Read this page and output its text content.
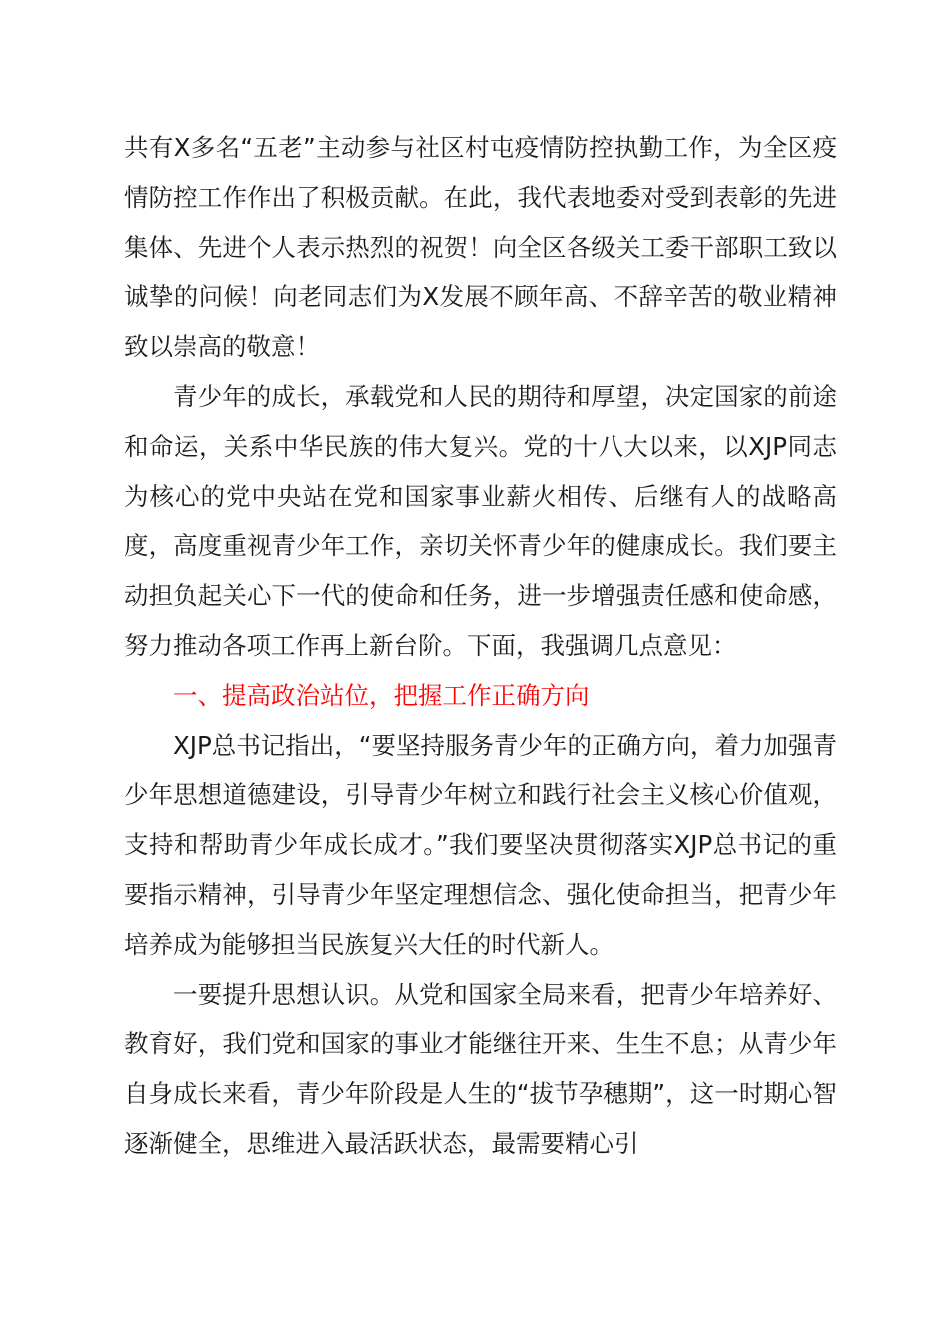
共有X多名“五老”主动参与社区村屯疫情防控执勤工作，为全区疫情防控工作作出了积极贡献。在此，我代表地委对受到表彰的先进集体、先进个人表示热烈的祝贺！向全区各级关工委干部职工致以诚挚的问候！向老同志们为X发展不顾年高、不辞辛苦的敬业精神致以崇高的敬意！

青少年的成长，承载党和人民的期待和厚望，决定国家的前途和命运，关系中华民族的伟大复兴。党的十八大以来，以XJP同志为核心的党中央站在党和国家事业薪火相传、后继有人的战略高度，高度重视青少年工作，亲切关怀青少年的健康成长。我们要主动担负起关心下一代的使命和任务，进一步增强责任感和使命感，努力推动各项工作再上新台阶。下面，我强调几点意见：

一、提高政治站位，把握工作正确方向

XJP总书记指出，“要坚持服务青少年的正确方向，着力加强青少年思想道德建设，引导青少年树立和践行社会主义核心价值观，支持和帮助青少年成长成才。”我们要坚决贯彻落实XJP总书记的重要指示精神，引导青少年坚定理想信念、强化使命担当，把青少年培养成为能够担当民族复兴大任的时代新人。

一要提升思想认识。从党和国家全局来看，把青少年培养好、教育好，我们党和国家的事业才能继往开来、生生不息；从青少年自身成长来看，青少年阶段是人生的“拔节孕穗期”，这一时期心智逐渐健全，思维进入最活跃状态，最需要精心引
